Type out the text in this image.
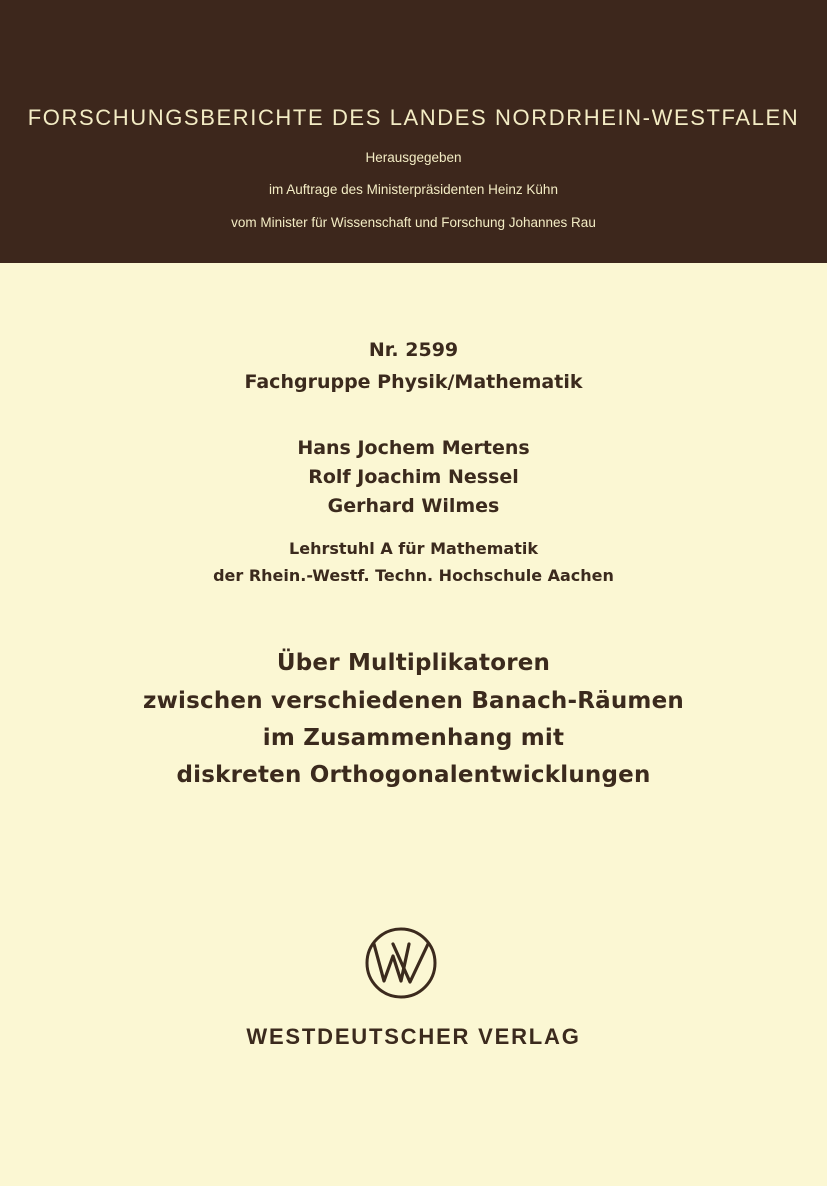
FORSCHUNGSBERICHTE DES LANDES NORDRHEIN-WESTFALEN
Herausgegeben
im Auftrage des Ministerpräsidenten Heinz Kühn
vom Minister für Wissenschaft und Forschung Johannes Rau
Nr. 2599
Fachgruppe Physik/Mathematik
Hans Jochem Mertens
Rolf Joachim Nessel
Gerhard Wilmes
Lehrstuhl A für Mathematik
der Rhein.-Westf. Techn. Hochschule Aachen
Über Multiplikatoren
zwischen verschiedenen Banach-Räumen
im Zusammenhang mit
diskreten Orthogonalentwicklungen
WESTDEUTSCHER VERLAG
